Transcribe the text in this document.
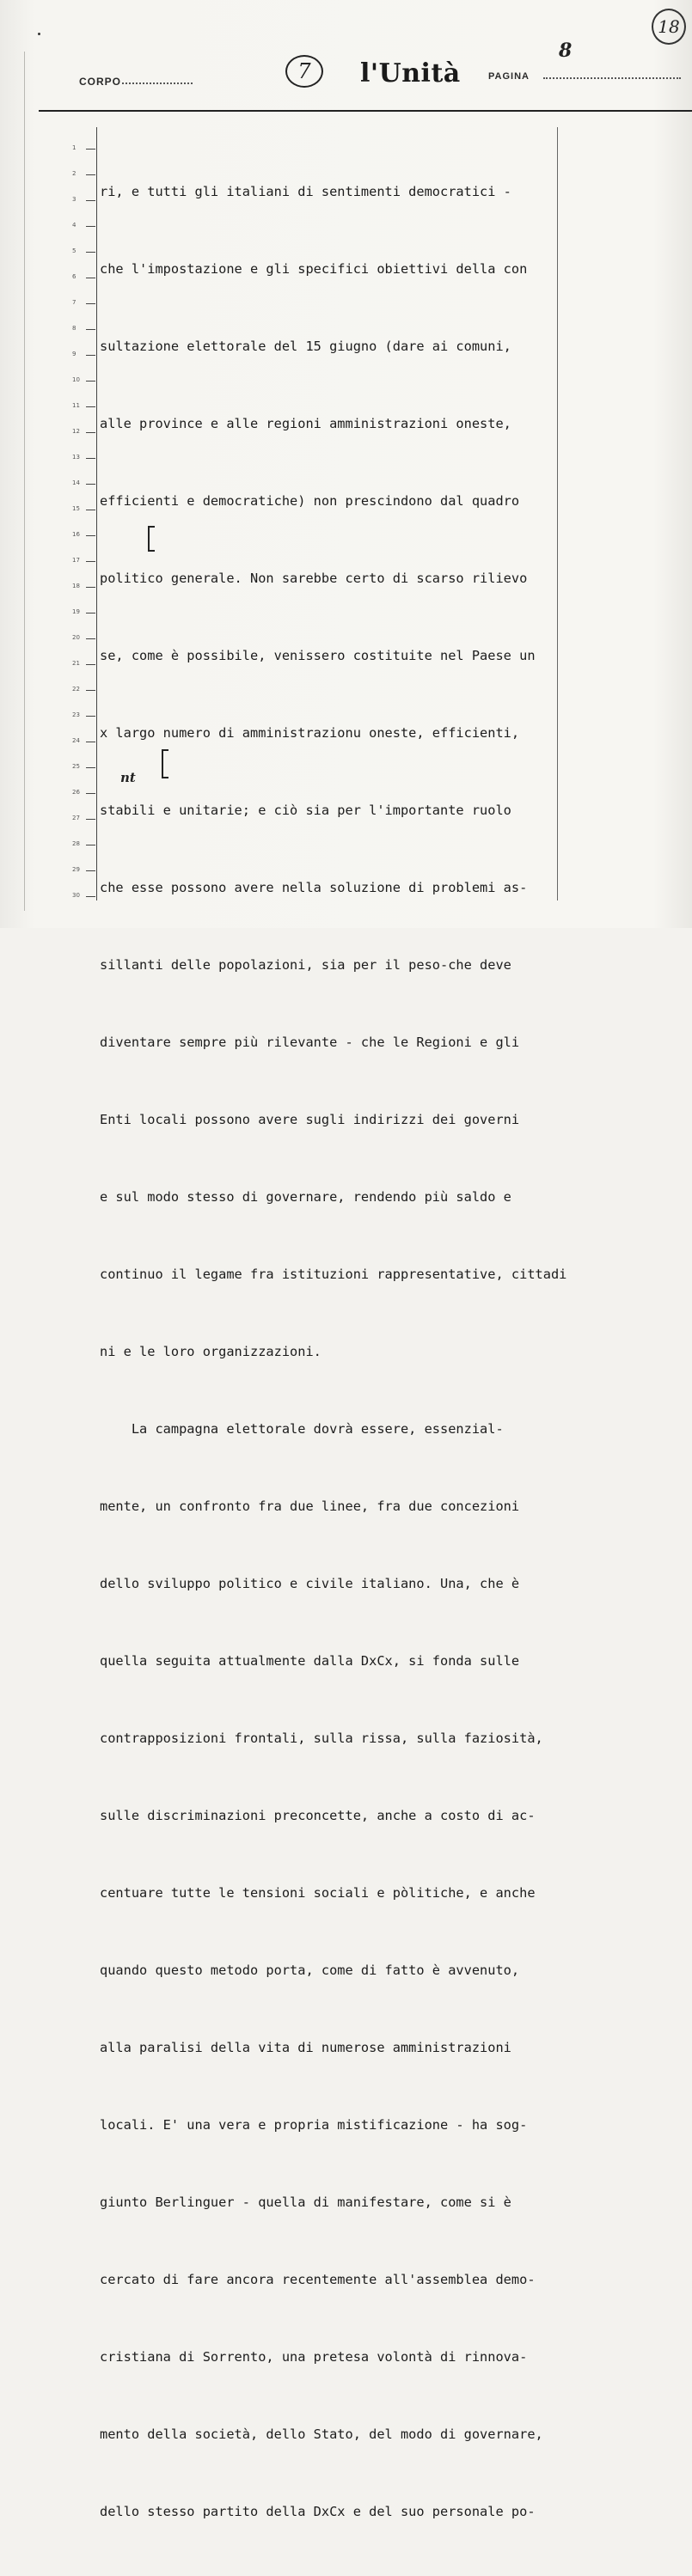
CORPO	7	l'Unità	PAGINA
8
18
1
2
3
4
5
6
7
8
9
10
11
12
13
14
15
16
17
18
19
20
21
22
23
24
25
26
27
28
29
30

ri, e tutti gli italiani di sentimenti democratici -

che l'impostazione e gli specifici obiettivi della con

sultazione elettorale del 15 giugno (dare ai comuni,

alle province e alle regioni amministrazioni oneste,

efficienti e democratiche) non prescindono dal quadro

politico generale. Non sarebbe certo di scarso rilievo

se, come è possibile, venissero costituite nel Paese un

x largo numero di amministrazionu oneste, efficienti,

stabili e unitarie; e ciò sia per l'importante ruolo

che esse possono avere nella soluzione di problemi as-

sillanti delle popolazioni, sia per il peso-che deve

diventare sempre più rilevante - che le Regioni e gli

Enti locali possono avere sugli indirizzi dei governi

e sul modo stesso di governare, rendendo più saldo e

continuo il legame fra istituzioni rappresentative, cittadi

ni e le loro organizzazioni.

La campagna elettorale dovrà essere, essenzial-

mente, un confronto fra due linee, fra due concezioni

dello sviluppo politico e civile italiano. Una, che è

quella seguita attualmente dalla DxCx, si fonda sulle

contrapposizioni frontali, sulla rissa, sulla faziosità,

sulle discriminazioni preconcette, anche a costo di ac-

centuare tutte le tensioni sociali e pòlitiche, e anche

quando questo metodo porta, come di fatto è avvenuto,

alla paralisi della vita di numerose amministrazioni

locali. E' una vera e propria mistificazione - ha sog-

giunto Berlinguer - quella di manifestare, come si è

cercato di fare ancora recentemente all'assemblea demo-

cristiana di Sorrento, una pretesa volontà di rinnova-

mento della società, dello Stato, del modo di governare,

dello stesso partito della DxCx e del suo personale po-

nt
